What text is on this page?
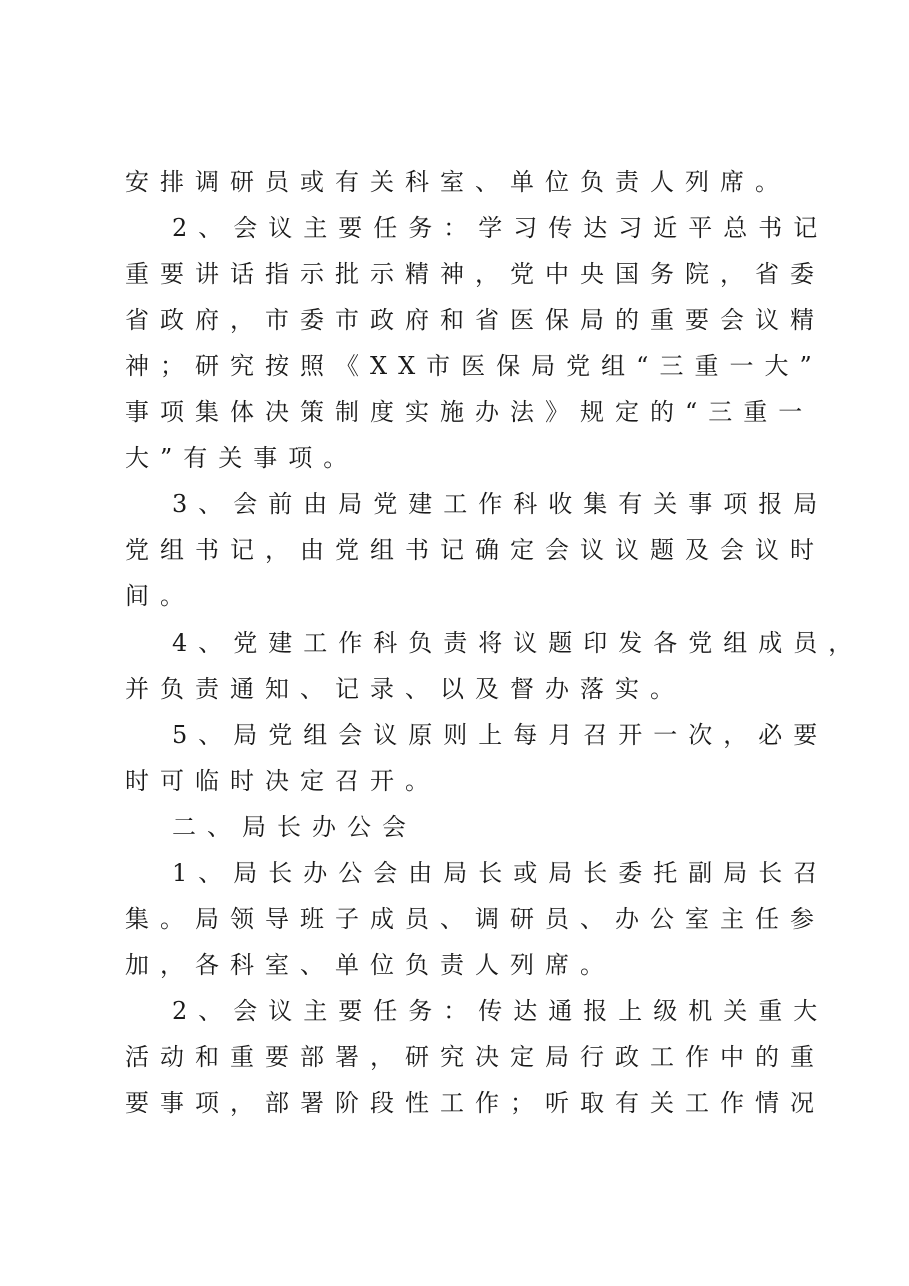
安排调研员或有关科室、单位负责人列席。

2、会议主要任务：学习传达习近平总书记

重要讲话指示批示精神，党中央国务院，省委

省政府，市委市政府和省医保局的重要会议精

神；研究按照《XX市医保局党组“三重一大”

事项集体决策制度实施办法》规定的“三重一

大”有关事项。

3、会前由局党建工作科收集有关事项报局

党组书记，由党组书记确定会议议题及会议时

间。

4、党建工作科负责将议题印发各党组成员，

并负责通知、记录、以及督办落实。

5、局党组会议原则上每月召开一次，必要

时可临时决定召开。

二、局长办公会

1、局长办公会由局长或局长委托副局长召

集。局领导班子成员、调研员、办公室主任参

加，各科室、单位负责人列席。

2、会议主要任务：传达通报上级机关重大

活动和重要部署，研究决定局行政工作中的重

要事项，部署阶段性工作；听取有关工作情况
